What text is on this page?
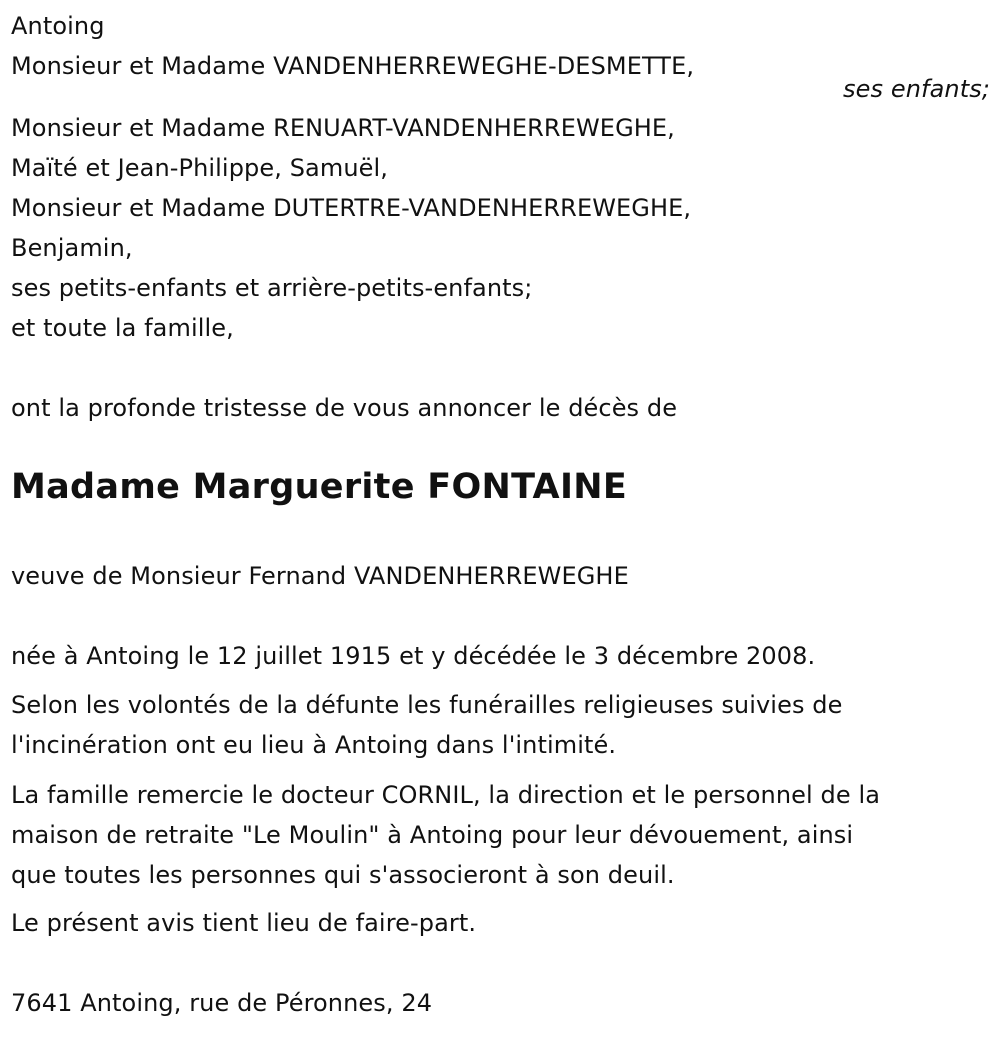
Antoing
Monsieur et Madame VANDENHERREWEGHE-DESMETTE,
ses enfants;
Monsieur et Madame RENUART-VANDENHERREWEGHE,
Maïté et Jean-Philippe, Samuël,
Monsieur et Madame DUTERTRE-VANDENHERREWEGHE,
Benjamin,
ses petits-enfants et arrière-petits-enfants;
et toute la famille,
ont la profonde tristesse de vous annoncer le décès de
Madame Marguerite FONTAINE
veuve de Monsieur Fernand VANDENHERREWEGHE
née à Antoing le 12 juillet 1915 et y décédée le 3 décembre 2008.
Selon les volontés de la défunte les funérailles religieuses suivies de
l'incinération ont eu lieu à Antoing dans l'intimité.
La famille remercie le docteur CORNIL, la direction et le personnel de la
maison de retraite "Le Moulin" à Antoing pour leur dévouement, ainsi
que toutes les personnes qui s'associeront à son deuil.
Le présent avis tient lieu de faire-part.
7641 Antoing, rue de Péronnes, 24
